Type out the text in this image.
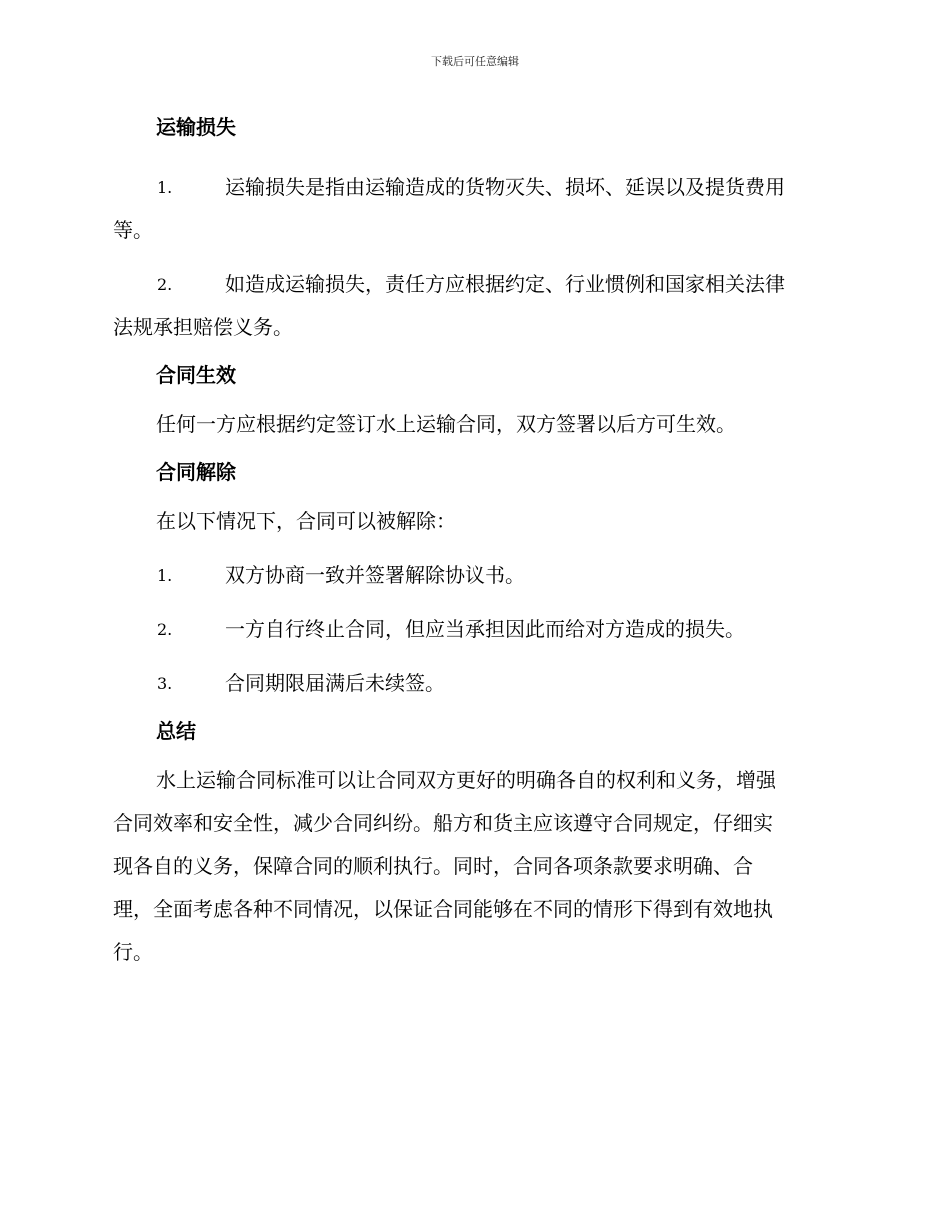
下载后可任意编辑
运输损失
1.	运输损失是指由运输造成的货物灭失、损坏、延误以及提货费用
等。
2.	如造成运输损失，责任方应根据约定、行业惯例和国家相关法律
法规承担赔偿义务。
合同生效

任何一方应根据约定签订水上运输合同，双方签署以后方可生效。

合同解除

在以下情况下，合同可以被解除：

1.	双方协商一致并签署解除协议书。
2.	一方自行终止合同，但应当承担因此而给对方造成的损失。
3.	合同期限届满后未续签。
总结
水上运输合同标准可以让合同双方更好的明确各自的权利和义务，增强
合同效率和安全性，减少合同纠纷。船方和货主应该遵守合同规定，仔细实
现各自的义务，保障合同的顺利执行。同时，合同各项条款要求明确、合
理，全面考虑各种不同情况，以保证合同能够在不同的情形下得到有效地执
行。
